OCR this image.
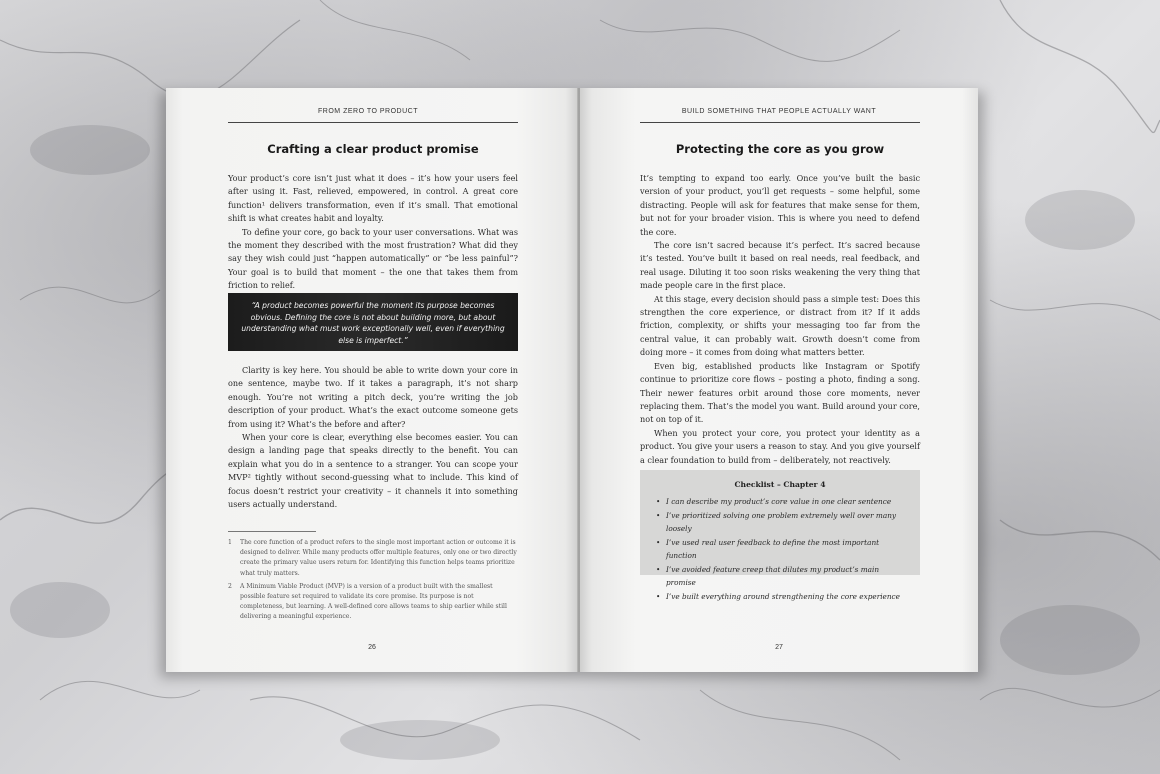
FROM ZERO TO PRODUCT
Crafting a clear product promise

Your product’s core isn’t just what it does – it’s how your users feel after using it. Fast, relieved, empowered, in control. A great core function¹ delivers transformation, even if it’s small. That emotional shift is what creates habit and loyalty.

To define your core, go back to your user conversations. What was the moment they described with the most frustration? What did they say they wish could just “happen automatically” or “be less painful”? Your goal is to build that moment – the one that takes them from friction to relief.

“A product becomes powerful the moment its purpose becomes obvious. Defining the core is not about building more, but about understanding what must work exceptionally well, even if everything else is imperfect.”

Clarity is key here. You should be able to write down your core in one sentence, maybe two. If it takes a paragraph, it’s not sharp enough. You’re not writing a pitch deck, you’re writing the job description of your product. What’s the exact outcome someone gets from using it? What’s the before and after?

When your core is clear, everything else becomes easier. You can design a landing page that speaks directly to the benefit. You can explain what you do in a sentence to a stranger. You can scope your MVP² tightly without second-guessing what to include. This kind of focus doesn’t restrict your creativity – it channels it into something users actually understand.

1	The core function of a product refers to the single most important action or outcome it is designed to deliver. While many products offer multiple features, only one or two directly create the primary value users return for. Identifying this function helps teams prioritize what truly matters.
2	A Minimum Viable Product (MVP) is a version of a product built with the smallest possible feature set required to validate its core promise. Its purpose is not completeness, but learning. A well-defined core allows teams to ship earlier while still delivering a meaningful experience.
26
BUILD SOMETHING THAT PEOPLE ACTUALLY WANT
Protecting the core as you grow

It’s tempting to expand too early. Once you’ve built the basic version of your product, you’ll get requests – some helpful, some distracting. People will ask for features that make sense for them, but not for your broader vision. This is where you need to defend the core.

The core isn’t sacred because it’s perfect. It’s sacred because it’s tested. You’ve built it based on real needs, real feedback, and real usage. Diluting it too soon risks weakening the very thing that made people care in the first place.

At this stage, every decision should pass a simple test: Does this strengthen the core experience, or distract from it? If it adds friction, complexity, or shifts your messaging too far from the central value, it can probably wait. Growth doesn’t come from doing more – it comes from doing what matters better.

Even big, established products like Instagram or Spotify continue to prioritize core flows – posting a photo, finding a song. Their newer features orbit around those core moments, never replacing them. That’s the model you want. Build around your core, not on top of it.

When you protect your core, you protect your identity as a product. You give your users a reason to stay. And you give yourself a clear foundation to build from – deliberately, not reactively.

Checklist – Chapter 4
• I can describe my product’s core value in one clear sentence
• I’ve prioritized solving one problem extremely well over many loosely
• I’ve used real user feedback to define the most important function
• I’ve avoided feature creep that dilutes my product’s main promise
• I’ve built everything around strengthening the core experience
27
